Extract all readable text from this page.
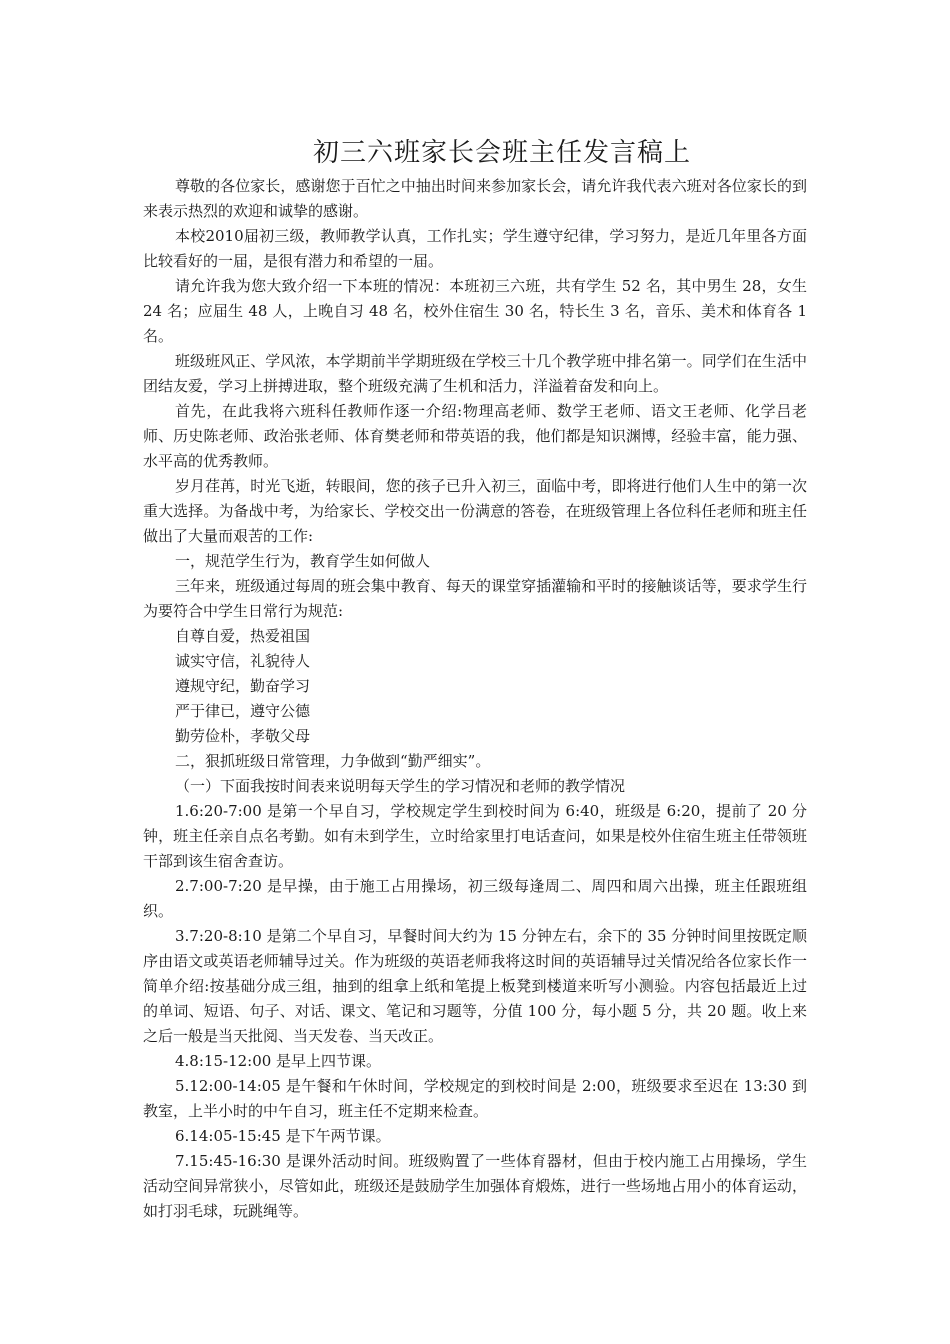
初三六班家长会班主任发言稿上

尊敬的各位家长，感谢您于百忙之中抽出时间来参加家长会，请允许我代表六班对各位家长的到来表示热烈的欢迎和诚挚的感谢。

本校2010届初三级，教师教学认真，工作扎实；学生遵守纪律，学习努力，是近几年里各方面比较看好的一届，是很有潜力和希望的一届。

请允许我为您大致介绍一下本班的情况：本班初三六班，共有学生 52 名，其中男生 28，女生 24 名；应届生 48 人，上晚自习 48 名，校外住宿生 30 名，特长生 3 名，音乐、美术和体育各 1 名。

班级班风正、学风浓，本学期前半学期班级在学校三十几个教学班中排名第一。同学们在生活中团结友爱，学习上拼搏进取，整个班级充满了生机和活力，洋溢着奋发和向上。

首先，在此我将六班科任教师作逐一介绍:物理高老师、数学王老师、语文王老师、化学吕老师、历史陈老师、政治张老师、体育樊老师和带英语的我，他们都是知识渊博，经验丰富，能力强、水平高的优秀教师。

岁月荏苒，时光飞逝，转眼间，您的孩子已升入初三，面临中考，即将进行他们人生中的第一次重大选择。为备战中考，为给家长、学校交出一份满意的答卷，在班级管理上各位科任老师和班主任做出了大量而艰苦的工作:

一，规范学生行为，教育学生如何做人

三年来，班级通过每周的班会集中教育、每天的课堂穿插灌输和平时的接触谈话等，要求学生行为要符合中学生日常行为规范:

自尊自爱，热爱祖国

诚实守信，礼貌待人

遵规守纪，勤奋学习

严于律已，遵守公德

勤劳俭朴，孝敬父母

二，狠抓班级日常管理，力争做到“勤严细实”。

（一）下面我按时间表来说明每天学生的学习情况和老师的教学情况

1.6:20-7:00 是第一个早自习，学校规定学生到校时间为 6:40，班级是 6:20，提前了 20 分钟，班主任亲自点名考勤。如有未到学生，立时给家里打电话查问，如果是校外住宿生班主任带领班干部到该生宿舍查访。

2.7:00-7:20 是早操，由于施工占用操场，初三级每逢周二、周四和周六出操，班主任跟班组织。

3.7:20-8:10 是第二个早自习，早餐时间大约为 15 分钟左右，余下的 35 分钟时间里按既定顺序由语文或英语老师辅导过关。作为班级的英语老师我将这时间的英语辅导过关情况给各位家长作一简单介绍:按基础分成三组，抽到的组拿上纸和笔提上板凳到楼道来听写小测验。内容包括最近上过的单词、短语、句子、对话、课文、笔记和习题等，分值 100 分，每小题 5 分，共 20 题。收上来之后一般是当天批阅、当天发卷、当天改正。

4.8:15-12:00 是早上四节课。

5.12:00-14:05 是午餐和午休时间，学校规定的到校时间是 2:00，班级要求至迟在 13:30 到教室，上半小时的中午自习，班主任不定期来检查。

6.14:05-15:45 是下午两节课。

7.15:45-16:30 是课外活动时间。班级购置了一些体育器材，但由于校内施工占用操场，学生活动空间异常狭小，尽管如此，班级还是鼓励学生加强体育煅炼，进行一些场地占用小的体育运动，如打羽毛球，玩跳绳等。
